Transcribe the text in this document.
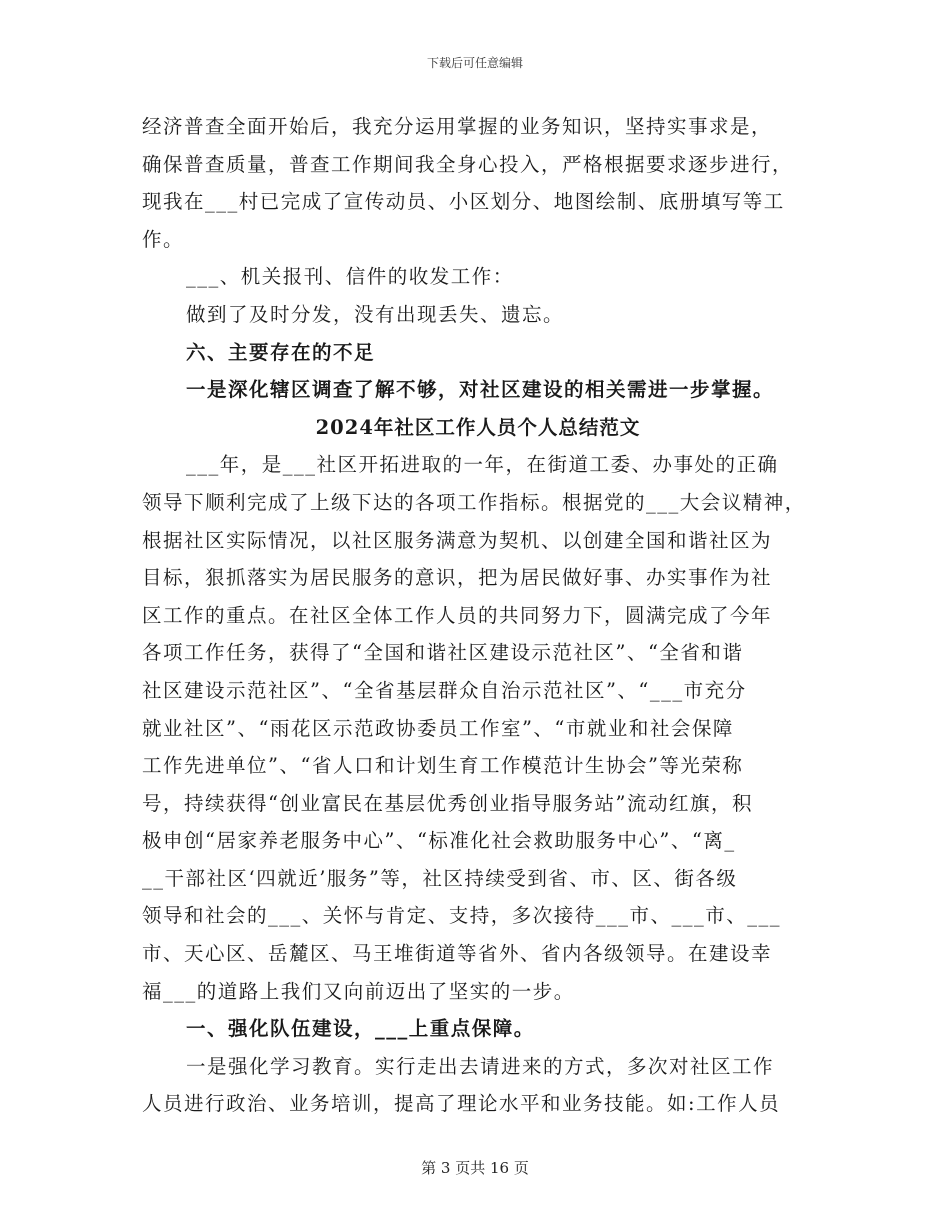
下载后可任意编辑

经济普查全面开始后，我充分运用掌握的业务知识，坚持实事求是，

确保普查质量，普查工作期间我全身心投入，严格根据要求逐步进行，

现我在___村已完成了宣传动员、小区划分、地图绘制、底册填写等工

作。

___、机关报刊、信件的收发工作：

做到了及时分发，没有出现丢失、遗忘。

六、主要存在的不足

一是深化辖区调查了解不够，对社区建设的相关需进一步掌握。

2024年社区工作人员个人总结范文

___年，是___社区开拓进取的一年，在街道工委、办事处的正确

领导下顺利完成了上级下达的各项工作指标。根据党的___大会议精神，

根据社区实际情况，以社区服务满意为契机、以创建全国和谐社区为

目标，狠抓落实为居民服务的意识，把为居民做好事、办实事作为社

区工作的重点。在社区全体工作人员的共同努力下，圆满完成了今年

各项工作任务，获得了“全国和谐社区建设示范社区”、“全省和谐

社区建设示范社区”、“全省基层群众自治示范社区”、“___市充分

就业社区”、“雨花区示范政协委员工作室”、“市就业和社会保障

工作先进单位”、“省人口和计划生育工作模范计生协会”等光荣称

号，持续获得“创业富民在基层优秀创业指导服务站”流动红旗，积

极申创“居家养老服务中心”、“标准化社会救助服务中心”、“离_

__干部社区‘四就近’服务”等，社区持续受到省、市、区、街各级

领导和社会的___、关怀与肯定、支持，多次接待___市、___市、___

市、天心区、岳麓区、马王堆街道等省外、省内各级领导。在建设幸

福___的道路上我们又向前迈出了坚实的一步。

一、强化队伍建设，___上重点保障。

一是强化学习教育。实行走出去请进来的方式，多次对社区工作

人员进行政治、业务培训，提高了理论水平和业务技能。如:工作人员

第 3 页共 16 页
